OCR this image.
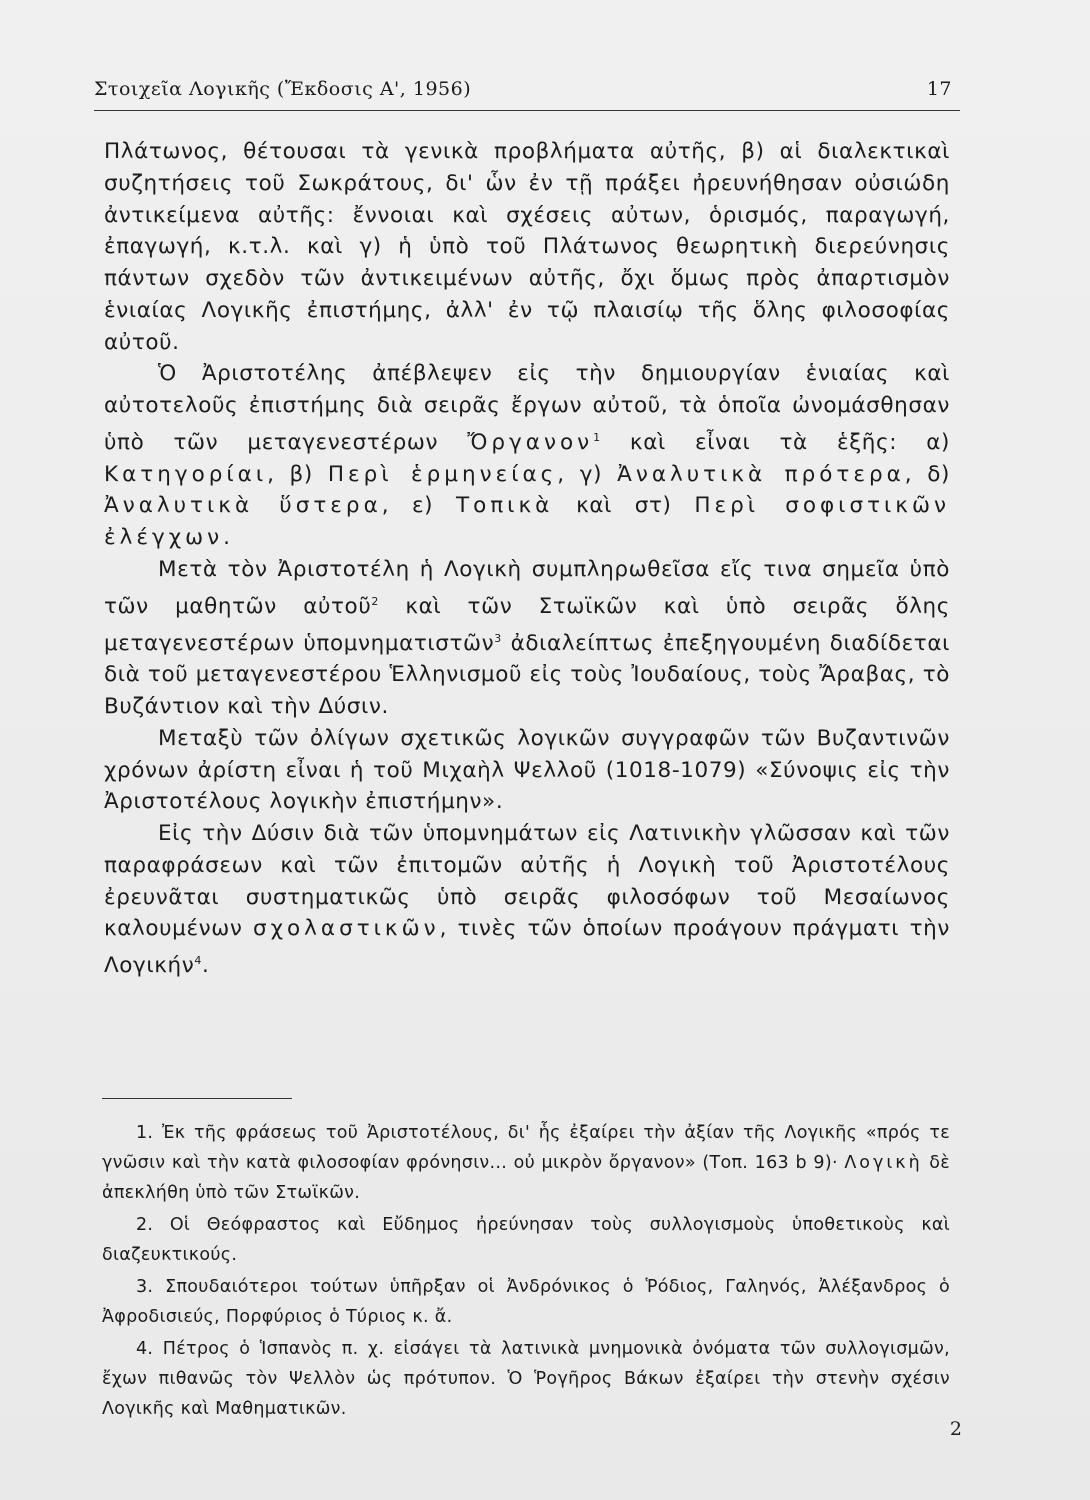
Στοιχεῖα Λογικῆς (Ἔκδοσις Α', 1956)	17

Πλάτωνος, θέτουσαι τὰ γενικὰ προβλήματα αὐτῆς, β) αἱ διαλεκτικαὶ συζητήσεις τοῦ Σωκράτους, δι' ὧν ἐν τῇ πράξει ἠρευνήθησαν οὐσιώδη ἀντικείμενα αὐτῆς: ἔννοιαι καὶ σχέσεις αὐτων, ὁρισμός, παραγωγή, ἐπαγωγή, κ.τ.λ. καὶ γ) ἡ ὑπὸ τοῦ Πλάτωνος θεωρητικὴ διερεύνησις πάντων σχεδὸν τῶν ἀντικειμένων αὐτῆς, ὄχι ὅμως πρὸς ἀπαρτισμὸν ἑνιαίας Λογικῆς ἐπιστήμης, ἀλλ' ἐν τῷ πλαισίῳ τῆς ὅλης φιλοσοφίας αὐτοῦ.

Ὁ Ἀριστοτέλης ἀπέβλεψεν εἰς τὴν δημιουργίαν ἑνιαίας καὶ αὐτοτελοῦς ἐπιστήμης διὰ σειρᾶς ἔργων αὐτοῦ, τὰ ὁποῖα ὠνομάσθησαν ὑπὸ τῶν μεταγενεστέρων Ὄργανον$^1$ καὶ εἶναι τὰ ἑξῆς: α) Κατηγορίαι, β) Περὶ ἑρμηνείας, γ) Ἀναλυτικὰ πρότερα, δ) Ἀναλυτικὰ ὕστερα, ε) Τοπικὰ καὶ στ) Περὶ σοφιστικῶν ἐλέγχων.

Μετὰ τὸν Ἀριστοτέλη ἡ Λογικὴ συμπληρωθεῖσα εἴς τινα σημεῖα ὑπὸ τῶν μαθητῶν αὐτοῦ$^2$ καὶ τῶν Στωϊκῶν καὶ ὑπὸ σειρᾶς ὅλης μεταγενεστέρων ὑπομνηματιστῶν$^3$ ἀδιαλείπτως ἐπεξηγουμένη διαδίδεται διὰ τοῦ μεταγενεστέρου Ἑλληνισμοῦ εἰς τοὺς Ἰουδαίους, τοὺς Ἄραβας, τὸ Βυζάντιον καὶ τὴν Δύσιν.

Μεταξὺ τῶν ὀλίγων σχετικῶς λογικῶν συγγραφῶν τῶν Βυζαντινῶν χρόνων ἀρίστη εἶναι ἡ τοῦ Μιχαὴλ Ψελλοῦ (1018-1079) «Σύνοψις εἰς τὴν Ἀριστοτέλους λογικὴν ἐπιστήμην».

Εἰς τὴν Δύσιν διὰ τῶν ὑπομνημάτων εἰς Λατινικὴν γλῶσσαν καὶ τῶν παραφράσεων καὶ τῶν ἐπιτομῶν αὐτῆς ἡ Λογικὴ τοῦ Ἀριστοτέλους ἐρευνᾶται συστηματικῶς ὑπὸ σειρᾶς φιλοσόφων τοῦ Μεσαίωνος καλουμένων σχολαστικῶν, τινὲς τῶν ὁποίων προάγουν πράγματι τὴν Λογικήν$^4$.

1. Ἐκ τῆς φράσεως τοῦ Ἀριστοτέλους, δι' ἧς ἐξαίρει τὴν ἀξίαν τῆς Λογικῆς «πρός τε γνῶσιν καὶ τὴν κατὰ φιλοσοφίαν φρόνησιν... οὐ μικρὸν ὄργανον» (Τοπ. 163 b 9)· Λογικὴ δὲ ἀπεκλήθη ὑπὸ τῶν Στωϊκῶν.

2. Οἱ Θεόφραστος καὶ Εὔδημος ἠρεύνησαν τοὺς συλλογισμοὺς ὑποθετικοὺς καὶ διαζευκτικούς.

3. Σπουδαιότεροι τούτων ὑπῆρξαν οἱ Ἀνδρόνικος ὁ Ῥόδιος, Γαληνός, Ἀλέξανδρος ὁ Ἀφροδισιεύς, Πορφύριος ὁ Τύριος κ. ἄ.

4. Πέτρος ὁ Ἱσπανὸς π. χ. εἰσάγει τὰ λατινικὰ μνημονικὰ ὀνόματα τῶν συλλογισμῶν, ἔχων πιθανῶς τὸν Ψελλὸν ὡς πρότυπον. Ὁ Ῥογῆρος Βάκων ἐξαίρει τὴν στενὴν σχέσιν Λογικῆς καὶ Μαθηματικῶν.

2
